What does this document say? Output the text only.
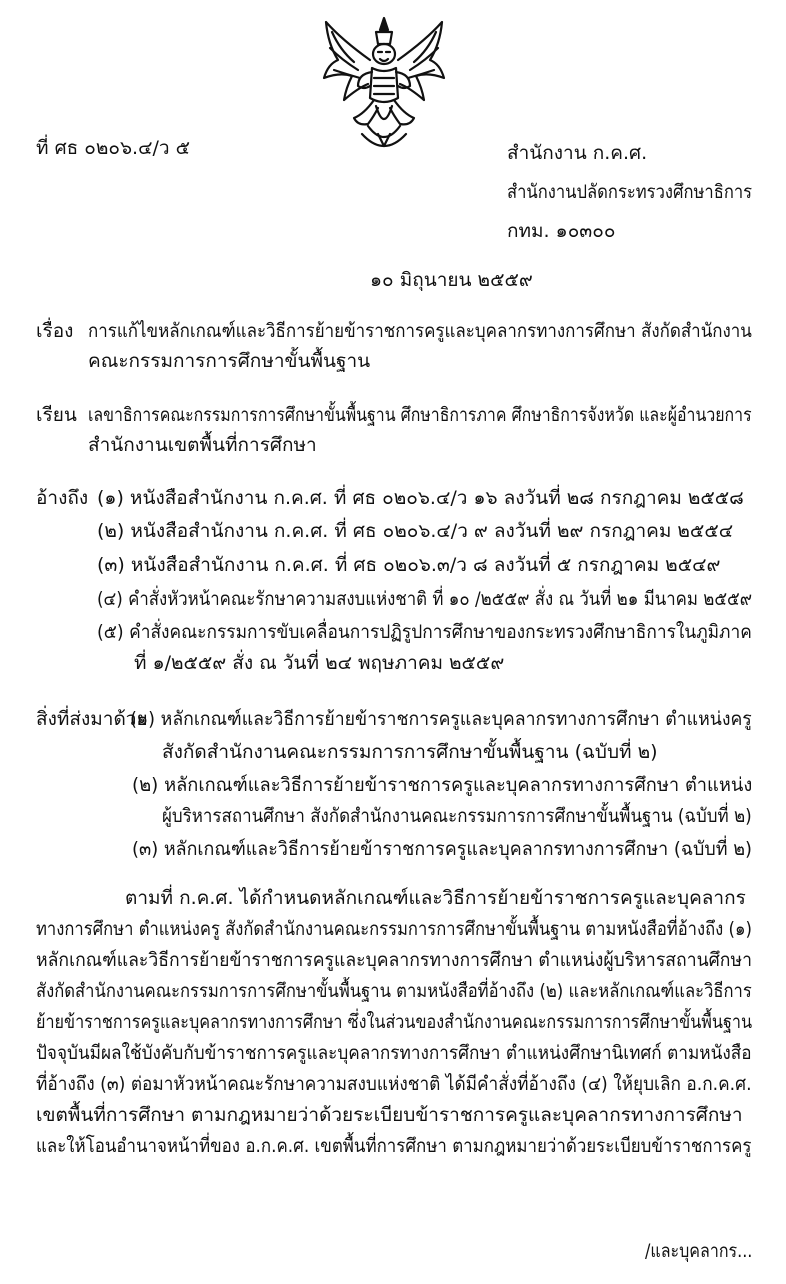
ที่ ศธ ๐๒๐๖.๔/ว ๕	สำนักงาน ก.ค.ศ.
สำนักงานปลัดกระทรวงศึกษาธิการ
กทม. ๑๐๓๐๐
๑๐ มิถุนายน ๒๕๕๙
เรื่อง การแก้ไขหลักเกณฑ์และวิธีการย้ายข้าราชการครูและบุคลากรทางการศึกษา สังกัดสำนักงาน
คณะกรรมการการศึกษาขั้นพื้นฐาน
เรียน เลขาธิการคณะกรรมการการศึกษาขั้นพื้นฐาน ศึกษาธิการภาค ศึกษาธิการจังหวัด และผู้อำนวยการ
สำนักงานเขตพื้นที่การศึกษา
อ้างถึง (๑) หนังสือสำนักงาน ก.ค.ศ. ที่ ศธ ๐๒๐๖.๔/ว ๑๖ ลงวันที่ ๒๘ กรกฎาคม ๒๕๕๘
(๒) หนังสือสำนักงาน ก.ค.ศ. ที่ ศธ ๐๒๐๖.๔/ว ๙ ลงวันที่ ๒๙ กรกฎาคม ๒๕๕๔
(๓) หนังสือสำนักงาน ก.ค.ศ. ที่ ศธ ๐๒๐๖.๓/ว ๘ ลงวันที่ ๕ กรกฎาคม ๒๕๔๙
(๔) คำสั่งหัวหน้าคณะรักษาความสงบแห่งชาติ ที่ ๑๐ /๒๕๕๙ สั่ง ณ วันที่ ๒๑ มีนาคม ๒๕๕๙
(๕) คำสั่งคณะกรรมการขับเคลื่อนการปฏิรูปการศึกษาของกระทรวงศึกษาธิการในภูมิภาค
ที่ ๑/๒๕๕๙ สั่ง ณ วันที่ ๒๔ พฤษภาคม ๒๕๕๙
สิ่งที่ส่งมาด้วย
(๑) หลักเกณฑ์และวิธีการย้ายข้าราชการครูและบุคลากรทางการศึกษา ตำแหน่งครู
สังกัดสำนักงานคณะกรรมการการศึกษาขั้นพื้นฐาน (ฉบับที่ ๒)
(๒) หลักเกณฑ์และวิธีการย้ายข้าราชการครูและบุคลากรทางการศึกษา ตำแหน่ง
ผู้บริหารสถานศึกษา สังกัดสำนักงานคณะกรรมการการศึกษาขั้นพื้นฐาน (ฉบับที่ ๒)
(๓) หลักเกณฑ์และวิธีการย้ายข้าราชการครูและบุคลากรทางการศึกษา (ฉบับที่ ๒)
ตามที่ ก.ค.ศ. ได้กำหนดหลักเกณฑ์และวิธีการย้ายข้าราชการครูและบุคลากร
ทางการศึกษา ตำแหน่งครู สังกัดสำนักงานคณะกรรมการการศึกษาขั้นพื้นฐาน ตามหนังสือที่อ้างถึง (๑)
หลักเกณฑ์และวิธีการย้ายข้าราชการครูและบุคลากรทางการศึกษา ตำแหน่งผู้บริหารสถานศึกษา
สังกัดสำนักงานคณะกรรมการการศึกษาขั้นพื้นฐาน ตามหนังสือที่อ้างถึง (๒) และหลักเกณฑ์และวิธีการ
ย้ายข้าราชการครูและบุคลากรทางการศึกษา ซึ่งในส่วนของสำนักงานคณะกรรมการการศึกษาขั้นพื้นฐาน
ปัจจุบันมีผลใช้บังคับกับข้าราชการครูและบุคลากรทางการศึกษา ตำแหน่งศึกษานิเทศก์ ตามหนังสือ
ที่อ้างถึง (๓) ต่อมาหัวหน้าคณะรักษาความสงบแห่งชาติ ได้มีคำสั่งที่อ้างถึง (๔) ให้ยุบเลิก อ.ก.ค.ศ.
เขตพื้นที่การศึกษา ตามกฎหมายว่าด้วยระเบียบข้าราชการครูและบุคลากรทางการศึกษา
และให้โอนอำนาจหน้าที่ของ อ.ก.ค.ศ. เขตพื้นที่การศึกษา ตามกฎหมายว่าด้วยระเบียบข้าราชการครู
/และบุคลากร...
